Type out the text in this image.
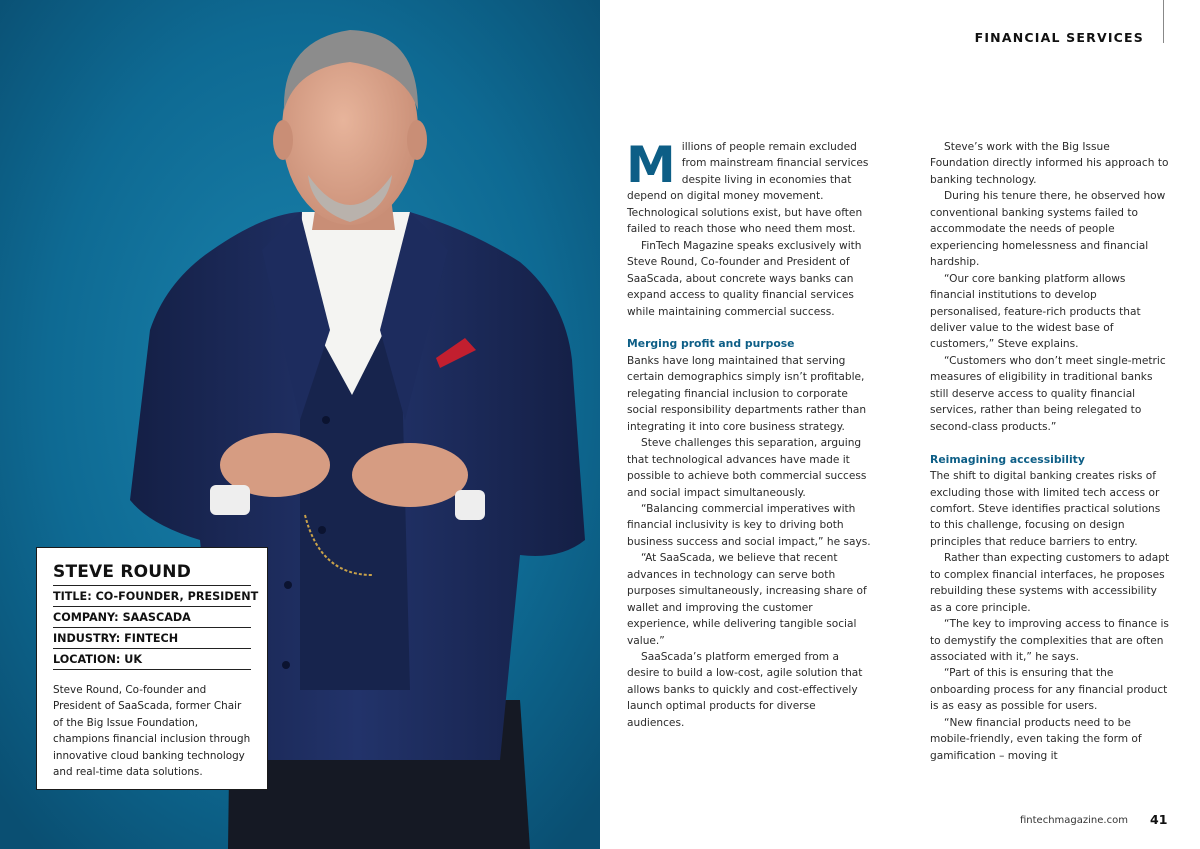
STEVE ROUND
TITLE: CO-FOUNDER, PRESIDENT
COMPANY: SAASCADA
INDUSTRY: FINTECH
LOCATION: UK
Steve Round, Co-founder and President of SaaScada, former Chair of the Big Issue Foundation, champions financial inclusion through innovative cloud banking technology and real-time data solutions.
FINANCIAL SERVICES

Millions of people remain excluded from mainstream financial services despite living in economies that depend on digital money movement. Technological solutions exist, but have often failed to reach those who need them most.

FinTech Magazine speaks exclusively with Steve Round, Co-founder and President of SaaScada, about concrete ways banks can expand access to quality financial services while maintaining commercial success.

Merging profit and purpose

Banks have long maintained that serving certain demographics simply isn’t profitable, relegating financial inclusion to corporate social responsibility departments rather than integrating it into core business strategy.

Steve challenges this separation, arguing that technological advances have made it possible to achieve both commercial success and social impact simultaneously.

“Balancing commercial imperatives with financial inclusivity is key to driving both business success and social impact,” he says.

“At SaaScada, we believe that recent advances in technology can serve both purposes simultaneously, increasing share of wallet and improving the customer experience, while delivering tangible social value.”

SaaScada’s platform emerged from a desire to build a low-cost, agile solution that allows banks to quickly and cost-effectively launch optimal products for diverse audiences.

Steve’s work with the Big Issue Foundation directly informed his approach to banking technology.

During his tenure there, he observed how conventional banking systems failed to accommodate the needs of people experiencing homelessness and financial hardship.

“Our core banking platform allows financial institutions to develop personalised, feature-rich products that deliver value to the widest base of customers,” Steve explains.

“Customers who don’t meet single-metric measures of eligibility in traditional banks still deserve access to quality financial services, rather than being relegated to second-class products.”

Reimagining accessibility

The shift to digital banking creates risks of excluding those with limited tech access or comfort. Steve identifies practical solutions to this challenge, focusing on design principles that reduce barriers to entry.

Rather than expecting customers to adapt to complex financial interfaces, he proposes rebuilding these systems with accessibility as a core principle.

“The key to improving access to finance is to demystify the complexities that are often associated with it,” he says.

“Part of this is ensuring that the onboarding process for any financial product is as easy as possible for users.

“New financial products need to be mobile-friendly, even taking the form of gamification – moving it

fintechmagazine.com 41
